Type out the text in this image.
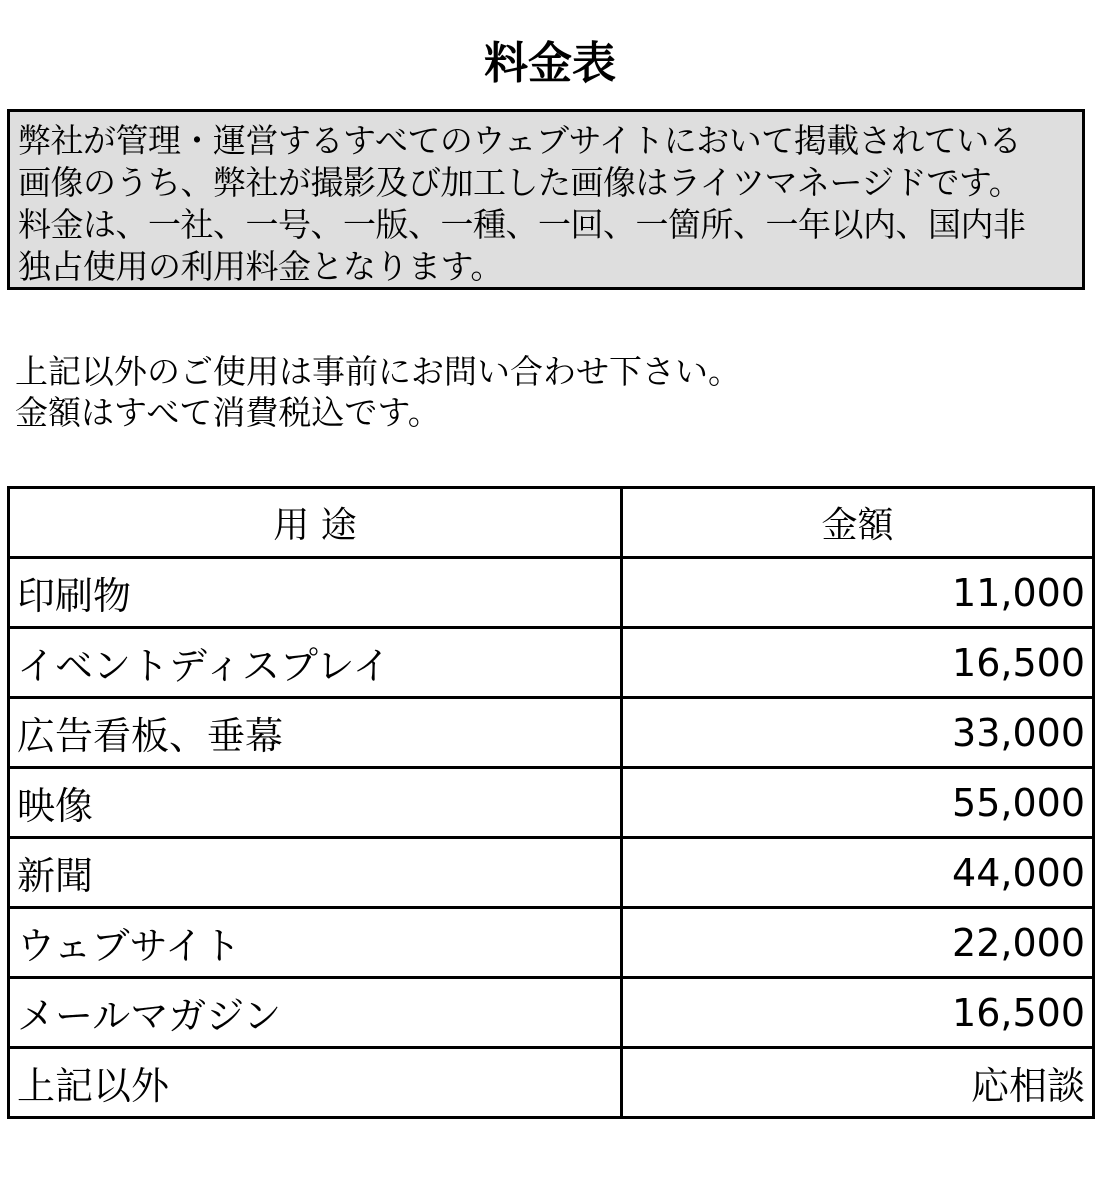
料金表
弊社が管理・運営するすべてのウェブサイトにおいて掲載されている
画像のうち、弊社が撮影及び加工した画像はライツマネージドです。
料金は、一社、一号、一版、一種、一回、一箇所、一年以内、国内非
独占使用の利用料金となります。
上記以外のご使用は事前にお問い合わせ下さい。
金額はすべて消費税込です。
用 途	金額
印刷物	11,000
イベントディスプレイ	16,500
広告看板、垂幕	33,000
映像	55,000
新聞	44,000
ウェブサイト	22,000
メールマガジン	16,500
上記以外	応相談
